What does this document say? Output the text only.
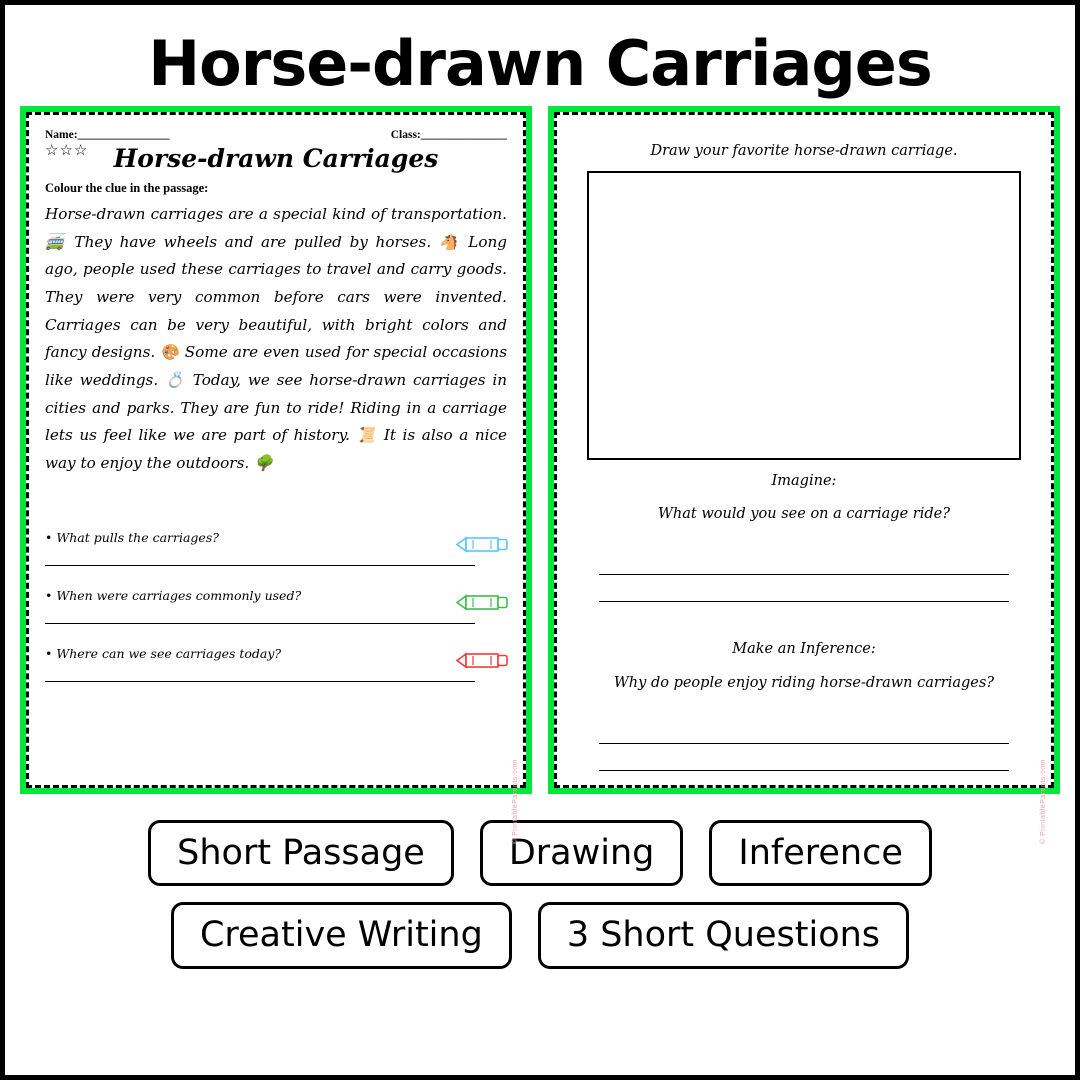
Horse-drawn Carriages
Name:________________	Class:_______________
☆☆☆	Horse-drawn Carriages
Colour the clue in the passage:
Horse-drawn carriages are a special kind of transportation. 🚎 They have wheels and are pulled by horses. 🐴 Long ago, people used these carriages to travel and carry goods. They were very common before cars were invented. Carriages can be very beautiful, with bright colors and fancy designs. 🎨 Some are even used for special occasions like weddings. 💍 Today, we see horse-drawn carriages in cities and parks. They are fun to ride! Riding in a carriage lets us feel like we are part of history. 📜 It is also a nice way to enjoy the outdoors. 🌳
• What pulls the carriages?
• When were carriages commonly used?
• Where can we see carriages today?
© PrintableParents.com
Draw your favorite horse-drawn carriage.
Imagine:
What would you see on a carriage ride?
Make an Inference:
Why do people enjoy riding horse-drawn carriages?
© PrintableParents.com
Short Passage	Drawing	Inference
Creative Writing	3 Short Questions
